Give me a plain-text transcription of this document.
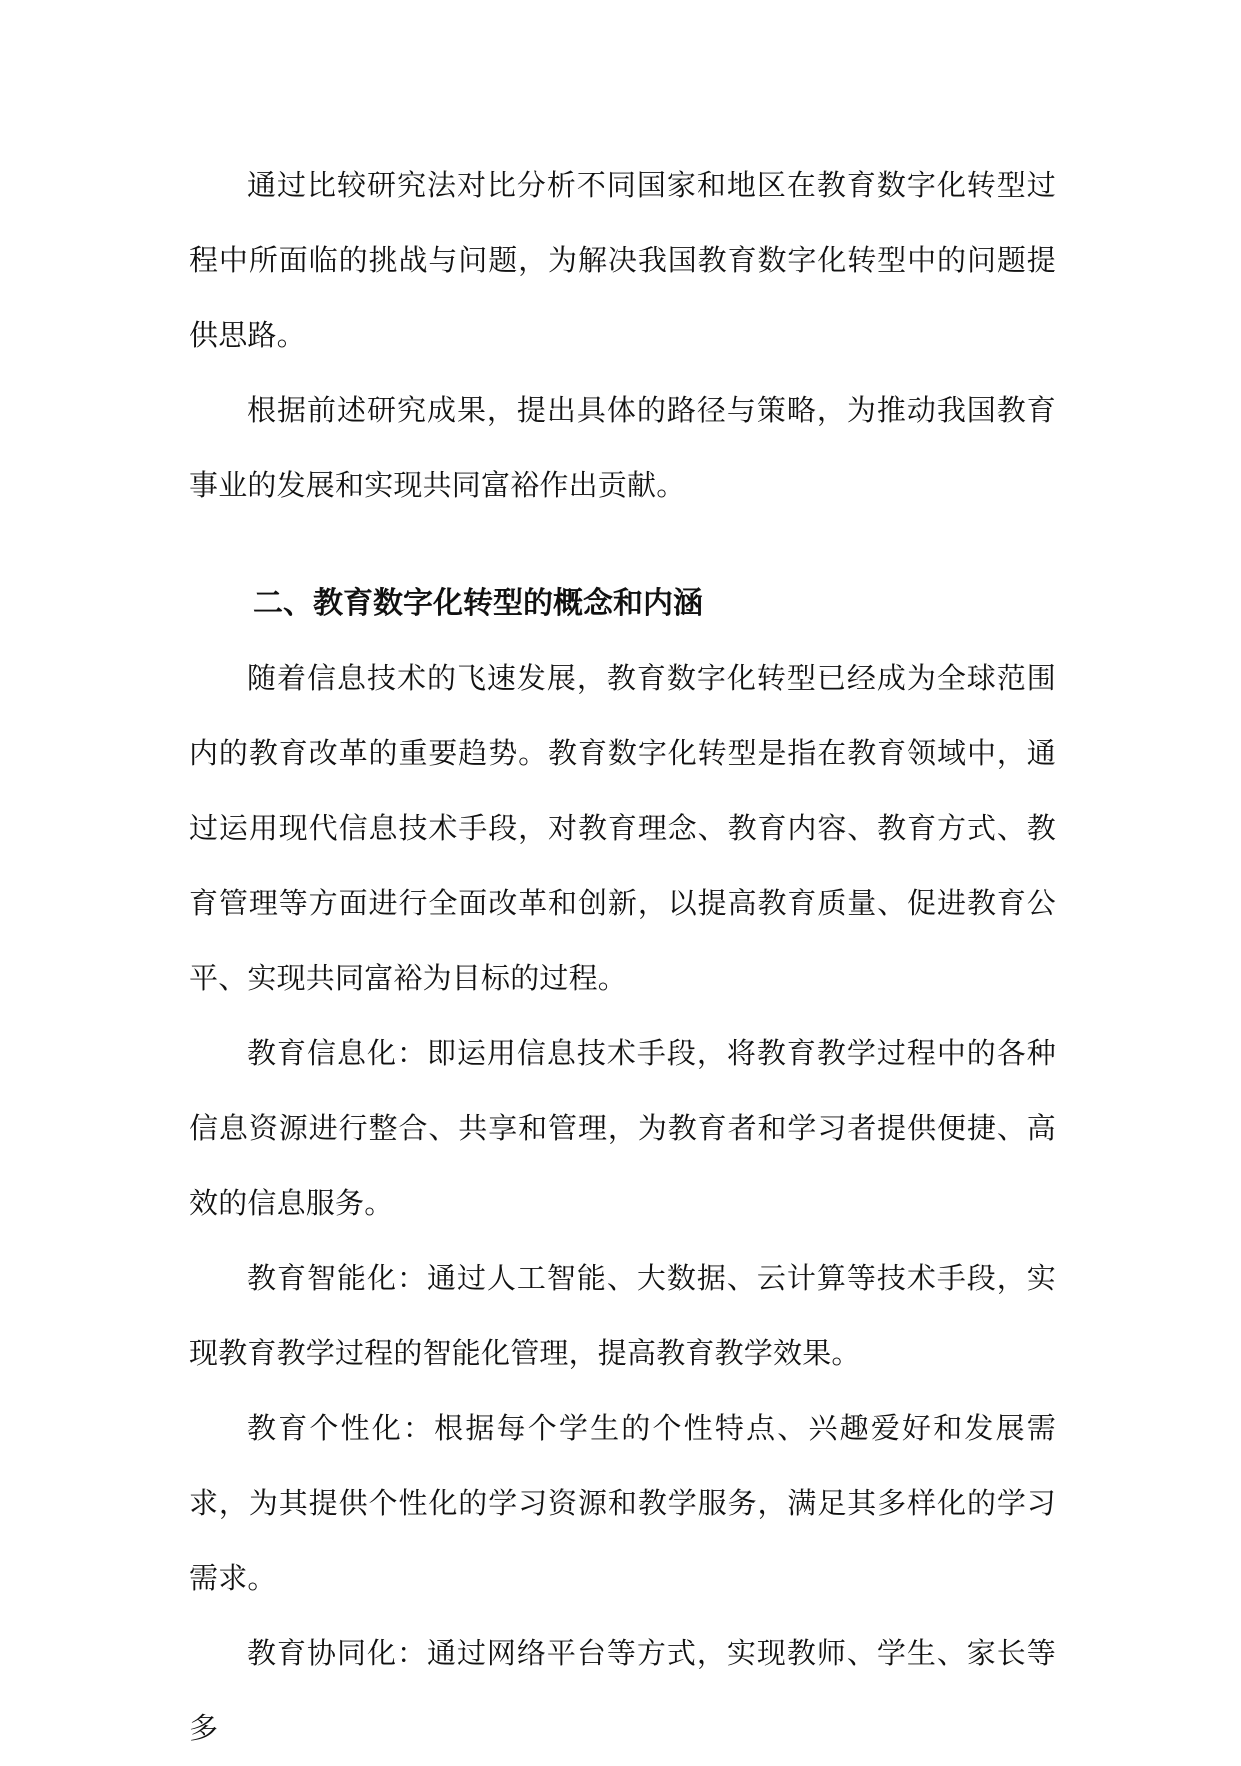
通过比较研究法对比分析不同国家和地区在教育数字化转型过程中所面临的挑战与问题，为解决我国教育数字化转型中的问题提供思路。

根据前述研究成果，提出具体的路径与策略，为推动我国教育事业的发展和实现共同富裕作出贡献。

二、教育数字化转型的概念和内涵

随着信息技术的飞速发展，教育数字化转型已经成为全球范围内的教育改革的重要趋势。教育数字化转型是指在教育领域中，通过运用现代信息技术手段，对教育理念、教育内容、教育方式、教育管理等方面进行全面改革和创新，以提高教育质量、促进教育公平、实现共同富裕为目标的过程。

教育信息化：即运用信息技术手段，将教育教学过程中的各种信息资源进行整合、共享和管理，为教育者和学习者提供便捷、高效的信息服务。

教育智能化：通过人工智能、大数据、云计算等技术手段，实现教育教学过程的智能化管理，提高教育教学效果。

教育个性化：根据每个学生的个性特点、兴趣爱好和发展需求，为其提供个性化的学习资源和教学服务，满足其多样化的学习需求。

教育协同化：通过网络平台等方式，实现教师、学生、家长等多
